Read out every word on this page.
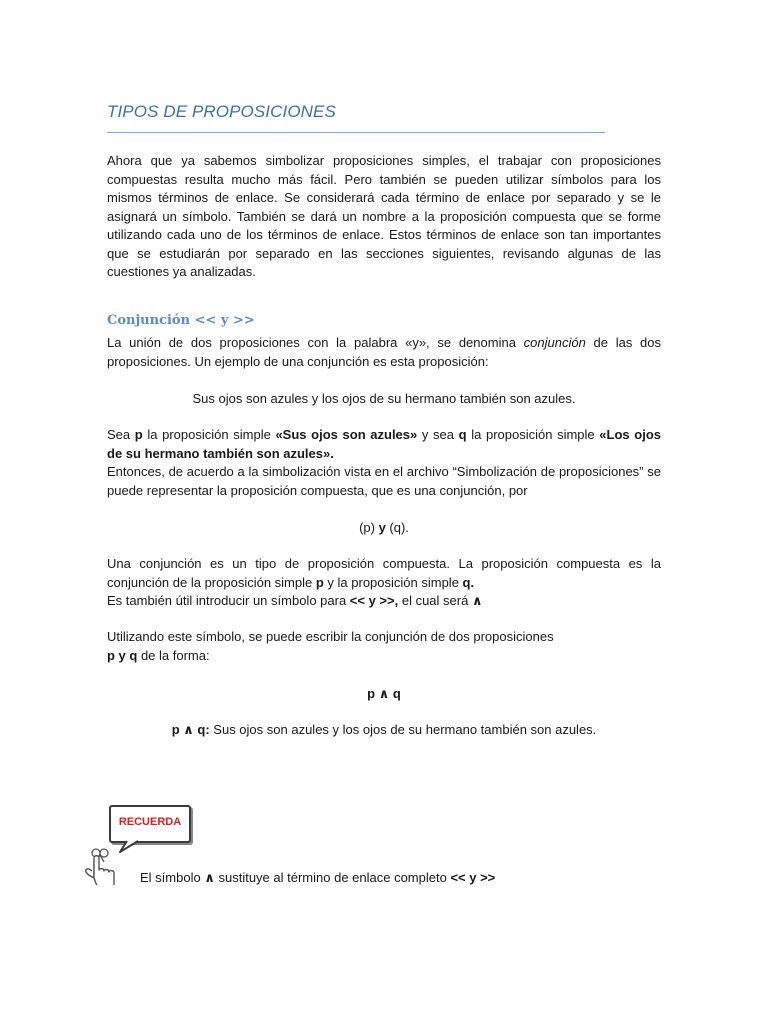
TIPOS DE PROPOSICIONES

Ahora que ya sabemos simbolizar proposiciones simples, el trabajar con proposiciones compuestas resulta mucho más fácil. Pero también se pueden utilizar símbolos para los mismos términos de enlace. Se considerará cada término de enlace por separado y se le asignará un símbolo. También se dará un nombre a la proposición compuesta que se forme utilizando cada uno de los términos de enlace. Estos términos de enlace son tan importantes que se estudiarán por separado en las secciones siguientes, revisando algunas de las cuestiones ya analizadas.

Conjunción << y >>

La unión de dos proposiciones con la palabra «y», se denomina conjunción de las dos proposiciones. Un ejemplo de una conjunción es esta proposición:

Sus ojos son azules y los ojos de su hermano también son azules.

Sea p la proposición simple «Sus ojos son azules» y sea q la proposición simple «Los ojos de su hermano también son azules».

Entonces, de acuerdo a la simbolización vista en el archivo “Simbolización de proposiciones” se puede representar la proposición compuesta, que es una conjunción, por

(p) y (q).

Una conjunción es un tipo de proposición compuesta. La proposición compuesta es la conjunción de la proposición simple p y la proposición simple q.

Es también útil introducir un símbolo para << y >>, el cual será ∧

Utilizando este símbolo, se puede escribir la conjunción de dos proposiciones

p y q de la forma:

p ∧ q
p ∧ q: Sus ojos son azules y los ojos de su hermano también son azules.
RECUERDA
El símbolo ∧ sustituye al término de enlace completo << y >>
